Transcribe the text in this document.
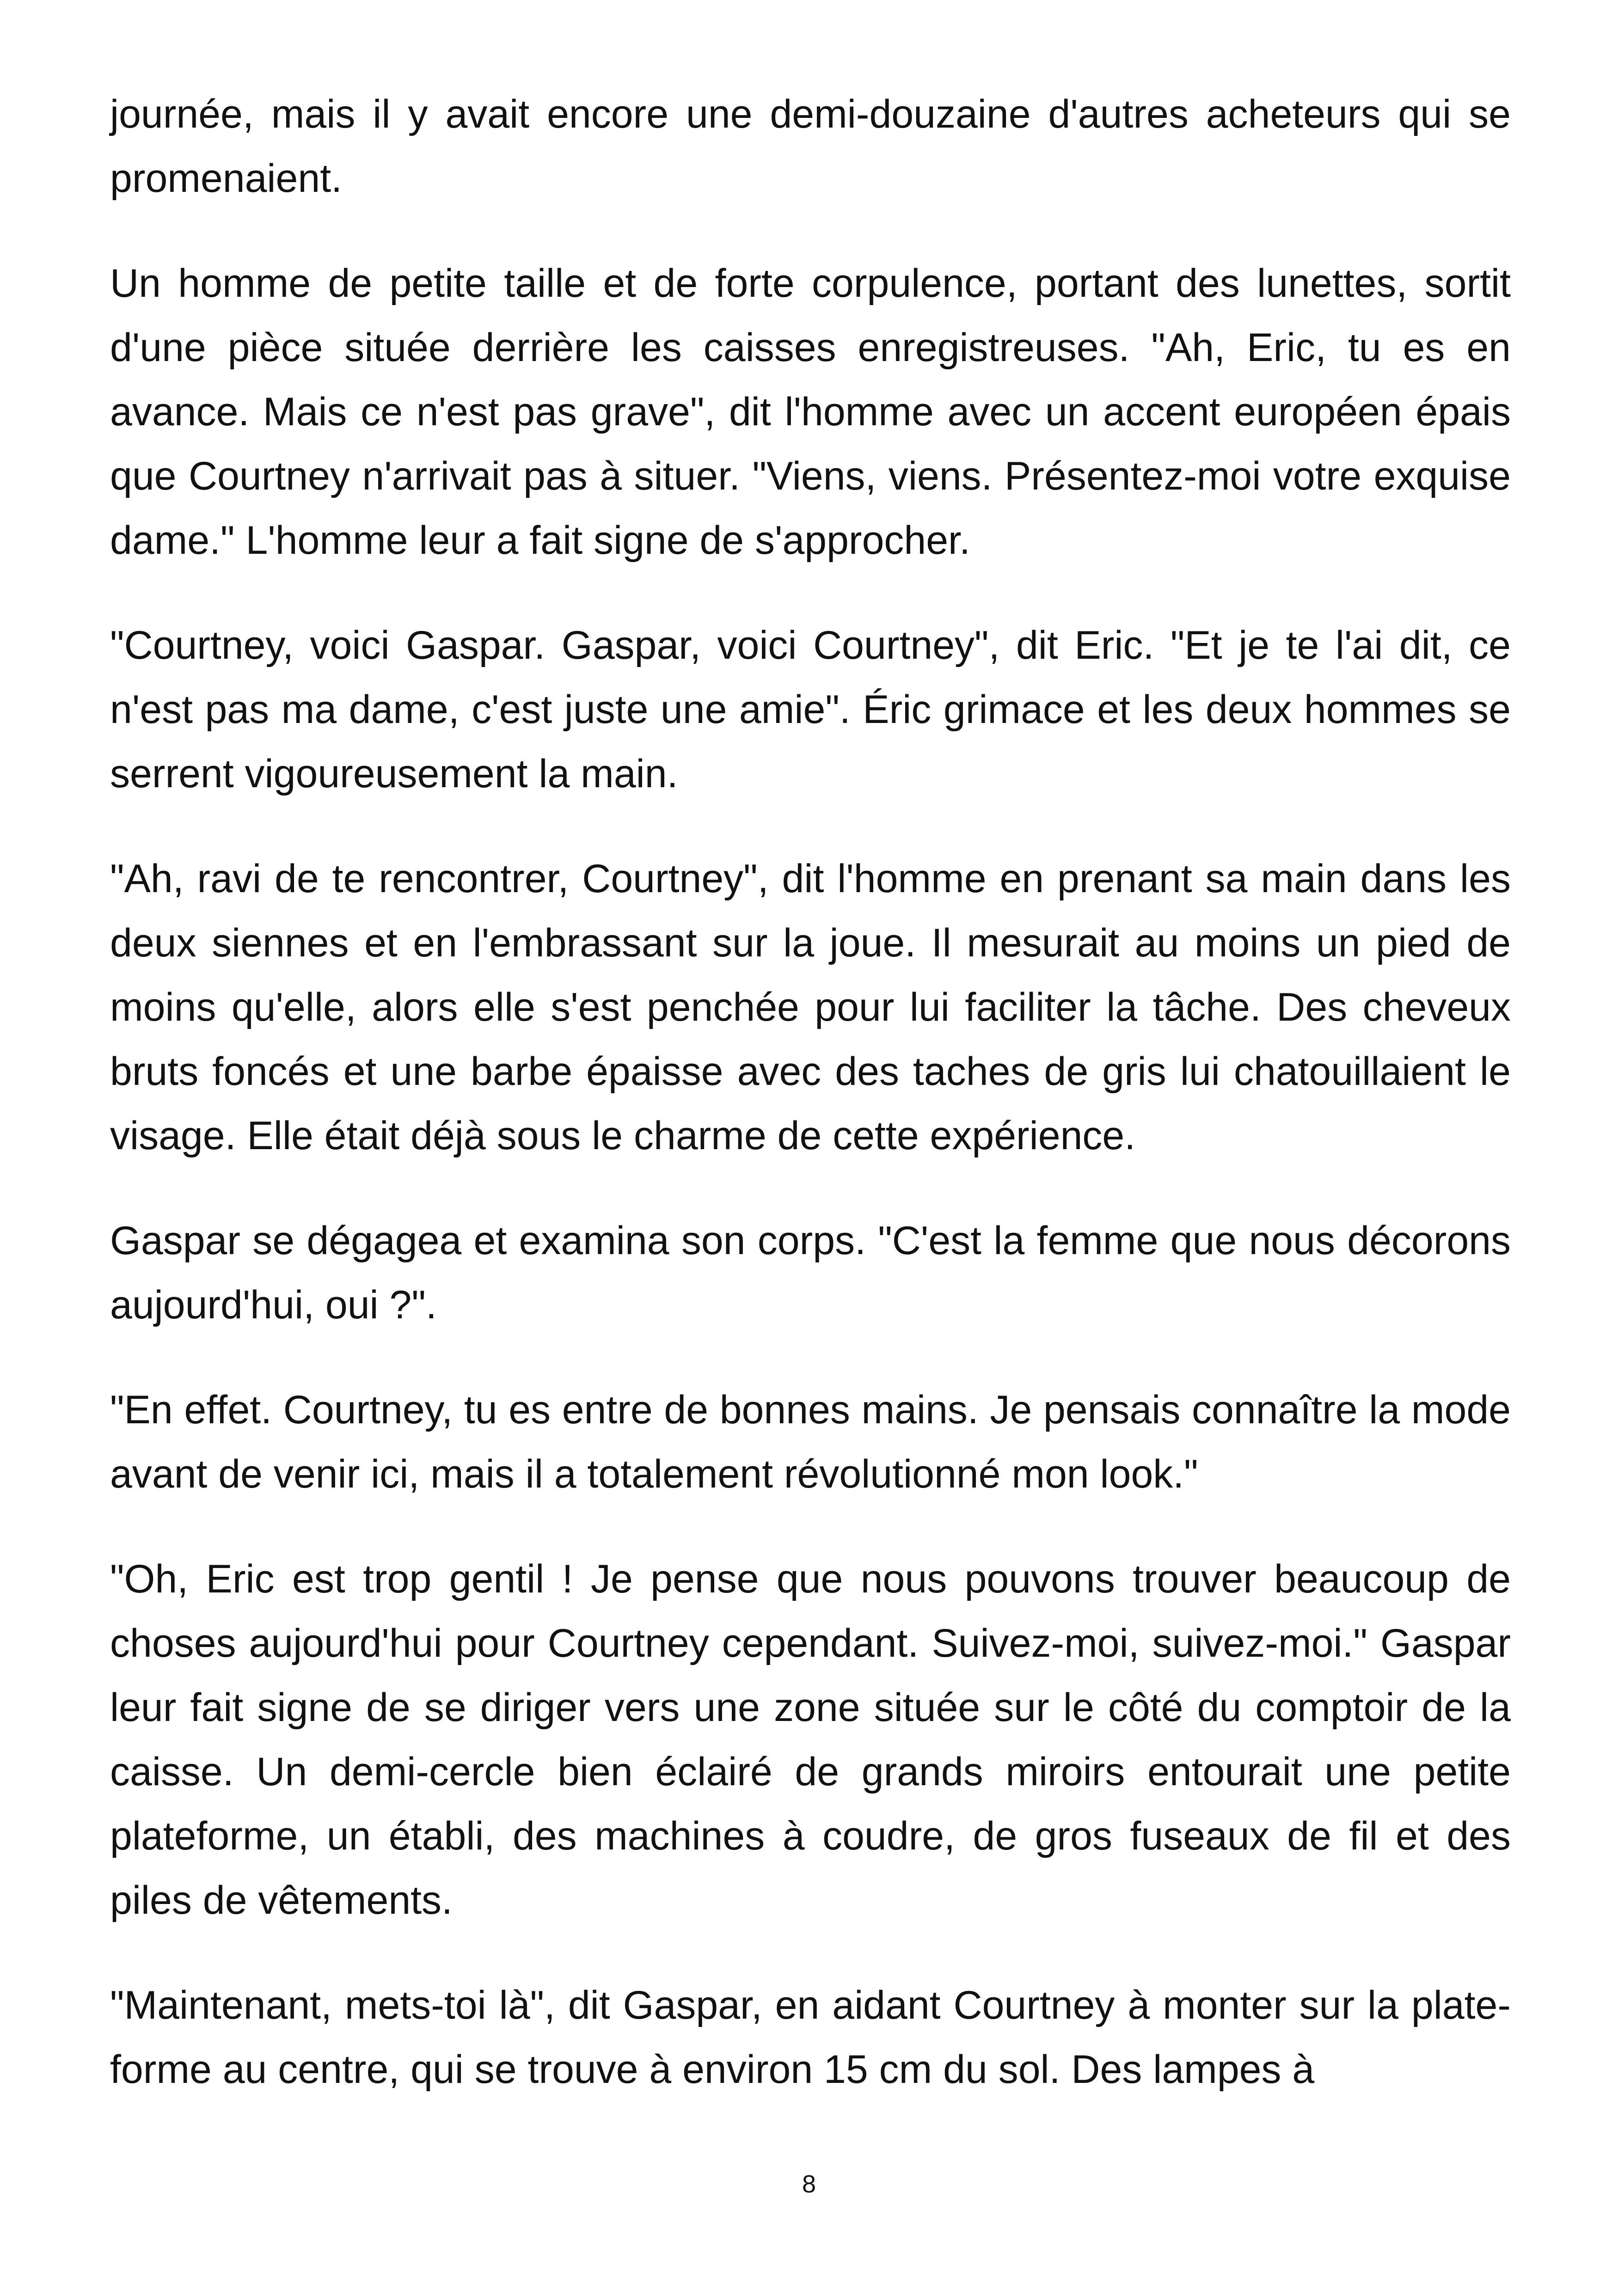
journée, mais il y avait encore une demi-douzaine d'autres acheteurs qui se promenaient.

Un homme de petite taille et de forte corpulence, portant des lunettes, sortit d'une pièce située derrière les caisses enregistreuses. "Ah, Eric, tu es en avance. Mais ce n'est pas grave", dit l'homme avec un accent européen épais que Courtney n'arrivait pas à situer. "Viens, viens. Présentez-moi votre exquise dame." L'homme leur a fait signe de s'approcher.

"Courtney, voici Gaspar. Gaspar, voici Courtney", dit Eric. "Et je te l'ai dit, ce n'est pas ma dame, c'est juste une amie". Éric grimace et les deux hommes se serrent vigoureusement la main.

"Ah, ravi de te rencontrer, Courtney", dit l'homme en prenant sa main dans les deux siennes et en l'embrassant sur la joue. Il mesurait au moins un pied de moins qu'elle, alors elle s'est penchée pour lui faciliter la tâche. Des cheveux bruts foncés et une barbe épaisse avec des taches de gris lui chatouillaient le visage. Elle était déjà sous le charme de cette expérience.

Gaspar se dégagea et examina son corps. "C'est la femme que nous décorons aujourd'hui, oui ?".

"En effet. Courtney, tu es entre de bonnes mains. Je pensais connaître la mode avant de venir ici, mais il a totalement révolutionné mon look."

"Oh, Eric est trop gentil ! Je pense que nous pouvons trouver beaucoup de choses aujourd'hui pour Courtney cependant. Suivez-moi, suivez-moi." Gaspar leur fait signe de se diriger vers une zone située sur le côté du comptoir de la caisse. Un demi-cercle bien éclairé de grands miroirs entourait une petite plateforme, un établi, des machines à coudre, de gros fuseaux de fil et des piles de vêtements.

"Maintenant, mets-toi là", dit Gaspar, en aidant Courtney à monter sur la plate-forme au centre, qui se trouve à environ 15 cm du sol. Des lampes à

8
